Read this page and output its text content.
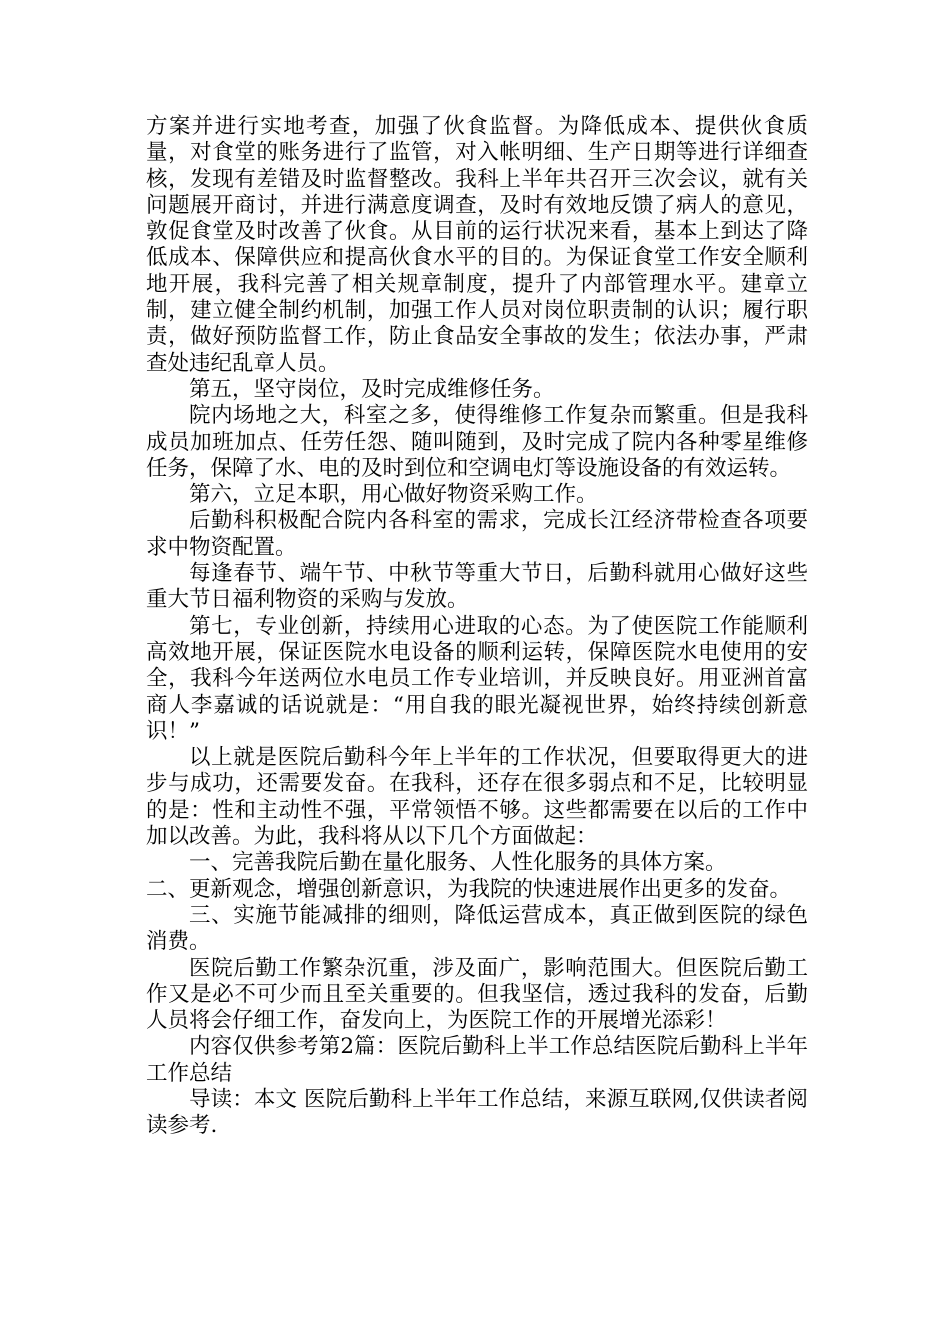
方案并进行实地考查，加强了伙食监督。为降低成本、提供伙食质量，对食堂的账务进行了监管，对入帐明细、生产日期等进行详细查核，发现有差错及时监督整改。我科上半年共召开三次会议，就有关问题展开商讨，并进行满意度调查，及时有效地反馈了病人的意见，敦促食堂及时改善了伙食。从目前的运行状况来看，基本上到达了降低成本、保障供应和提高伙食水平的目的。为保证食堂工作安全顺利地开展，我科完善了相关规章制度，提升了内部管理水平。建章立制，建立健全制约机制，加强工作人员对岗位职责制的认识；履行职责，做好预防监督工作，防止食品安全事故的发生；依法办事，严肃查处违纪乱章人员。

第五，坚守岗位，及时完成维修任务。

院内场地之大，科室之多，使得维修工作复杂而繁重。但是我科成员加班加点、任劳任怨、随叫随到，及时完成了院内各种零星维修任务，保障了水、电的及时到位和空调电灯等设施设备的有效运转。

第六，立足本职，用心做好物资采购工作。

后勤科积极配合院内各科室的需求，完成长江经济带检查各项要求中物资配置。

每逢春节、端午节、中秋节等重大节日，后勤科就用心做好这些重大节日福利物资的采购与发放。

第七，专业创新，持续用心进取的心态。为了使医院工作能顺利高效地开展，保证医院水电设备的顺利运转，保障医院水电使用的安全，我科今年送两位水电员工作专业培训，并反映良好。用亚洲首富商人李嘉诚的话说就是：“用自我的眼光凝视世界，始终持续创新意识！”

以上就是医院后勤科今年上半年的工作状况，但要取得更大的进步与成功，还需要发奋。在我科，还存在很多弱点和不足，比较明显的是：性和主动性不强，平常领悟不够。这些都需要在以后的工作中加以改善。为此，我科将从以下几个方面做起：

一、完善我院后勤在量化服务、人性化服务的具体方案。

二、更新观念，增强创新意识，为我院的快速进展作出更多的发奋。

三、实施节能减排的细则，降低运营成本，真正做到医院的绿色消费。

医院后勤工作繁杂沉重，涉及面广，影响范围大。但医院后勤工作又是必不可少而且至关重要的。但我坚信，透过我科的发奋，后勤人员将会仔细工作，奋发向上，为医院工作的开展增光添彩！

内容仅供参考第2篇：医院后勤科上半工作总结医院后勤科上半年工作总结

导读：本文 医院后勤科上半年工作总结，来源互联网,仅供读者阅读参考.
